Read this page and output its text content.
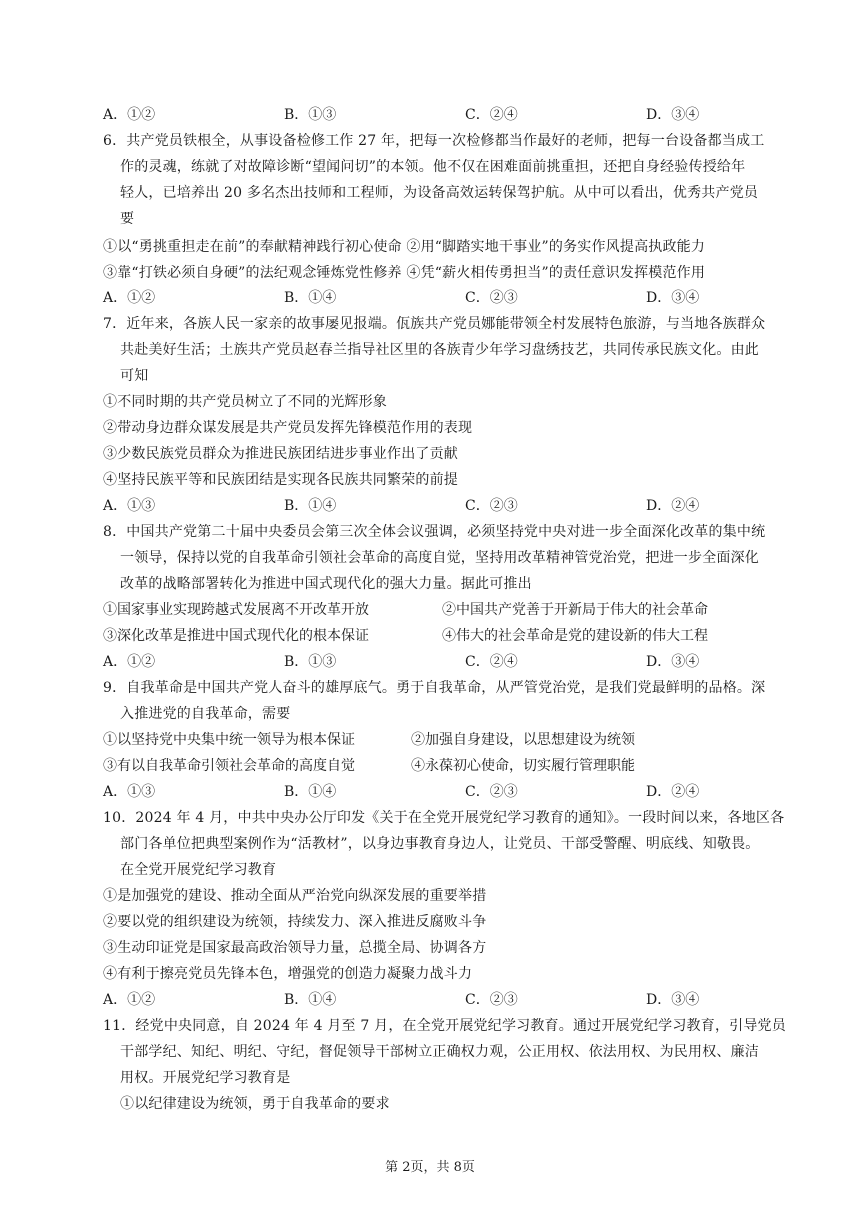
A．①②	B．①③	C．②④	D．③④
6．共产党员铁根全，从事设备检修工作 27 年，把每一次检修都当作最好的老师，把每一台设备都当成工
作的灵魂，练就了对故障诊断“望闻问切”的本领。他不仅在困难面前挑重担，还把自身经验传授给年
轻人，已培养出 20 多名杰出技师和工程师，为设备高效运转保驾护航。从中可以看出，优秀共产党员
要
①以“勇挑重担走在前”的奉献精神践行初心使命 ②用“脚踏实地干事业”的务实作风提高执政能力
③靠“打铁必须自身硬”的法纪观念锤炼党性修养 ④凭“薪火相传勇担当”的责任意识发挥模范作用
A．①②	B．①④	C．②③	D．③④
7．近年来，各族人民一家亲的故事屡见报端。佤族共产党员娜能带领全村发展特色旅游，与当地各族群众
共赴美好生活；土族共产党员赵春兰指导社区里的各族青少年学习盘绣技艺，共同传承民族文化。由此
可知
①不同时期的共产党员树立了不同的光辉形象
②带动身边群众谋发展是共产党员发挥先锋模范作用的表现
③少数民族党员群众为推进民族团结进步事业作出了贡献
④坚持民族平等和民族团结是实现各民族共同繁荣的前提
A．①③	B．①④	C．②③	D．②④
8．中国共产党第二十届中央委员会第三次全体会议强调，必须坚持党中央对进一步全面深化改革的集中统
一领导，保持以党的自我革命引领社会革命的高度自觉，坚持用改革精神管党治党，把进一步全面深化
改革的战略部署转化为推进中国式现代化的强大力量。据此可推出
①国家事业实现跨越式发展离不开改革开放	②中国共产党善于开新局于伟大的社会革命
③深化改革是推进中国式现代化的根本保证	④伟大的社会革命是党的建设新的伟大工程
A．①②	B．①③	C．②④	D．③④
9．自我革命是中国共产党人奋斗的雄厚底气。勇于自我革命，从严管党治党，是我们党最鲜明的品格。深
入推进党的自我革命，需要
①以坚持党中央集中统一领导为根本保证	②加强自身建设，以思想建设为统领
③有以自我革命引领社会革命的高度自觉	④永葆初心使命，切实履行管理职能
A．①③	B．①④	C．②③	D．②④
10．2024 年 4 月，中共中央办公厅印发《关于在全党开展党纪学习教育的通知》。一段时间以来，各地区各
部门各单位把典型案例作为“活教材”，以身边事教育身边人，让党员、干部受警醒、明底线、知敬畏。
在全党开展党纪学习教育
①是加强党的建设、推动全面从严治党向纵深发展的重要举措
②要以党的组织建设为统领，持续发力、深入推进反腐败斗争
③生动印证党是国家最高政治领导力量，总揽全局、协调各方
④有利于擦亮党员先锋本色，增强党的创造力凝聚力战斗力
A．①②	B．①④	C．②③	D．③④
11．经党中央同意，自 2024 年 4 月至 7 月，在全党开展党纪学习教育。通过开展党纪学习教育，引导党员
干部学纪、知纪、明纪、守纪，督促领导干部树立正确权力观，公正用权、依法用权、为民用权、廉洁
用权。开展党纪学习教育是
①以纪律建设为统领，勇于自我革命的要求
第 2页，共 8页
